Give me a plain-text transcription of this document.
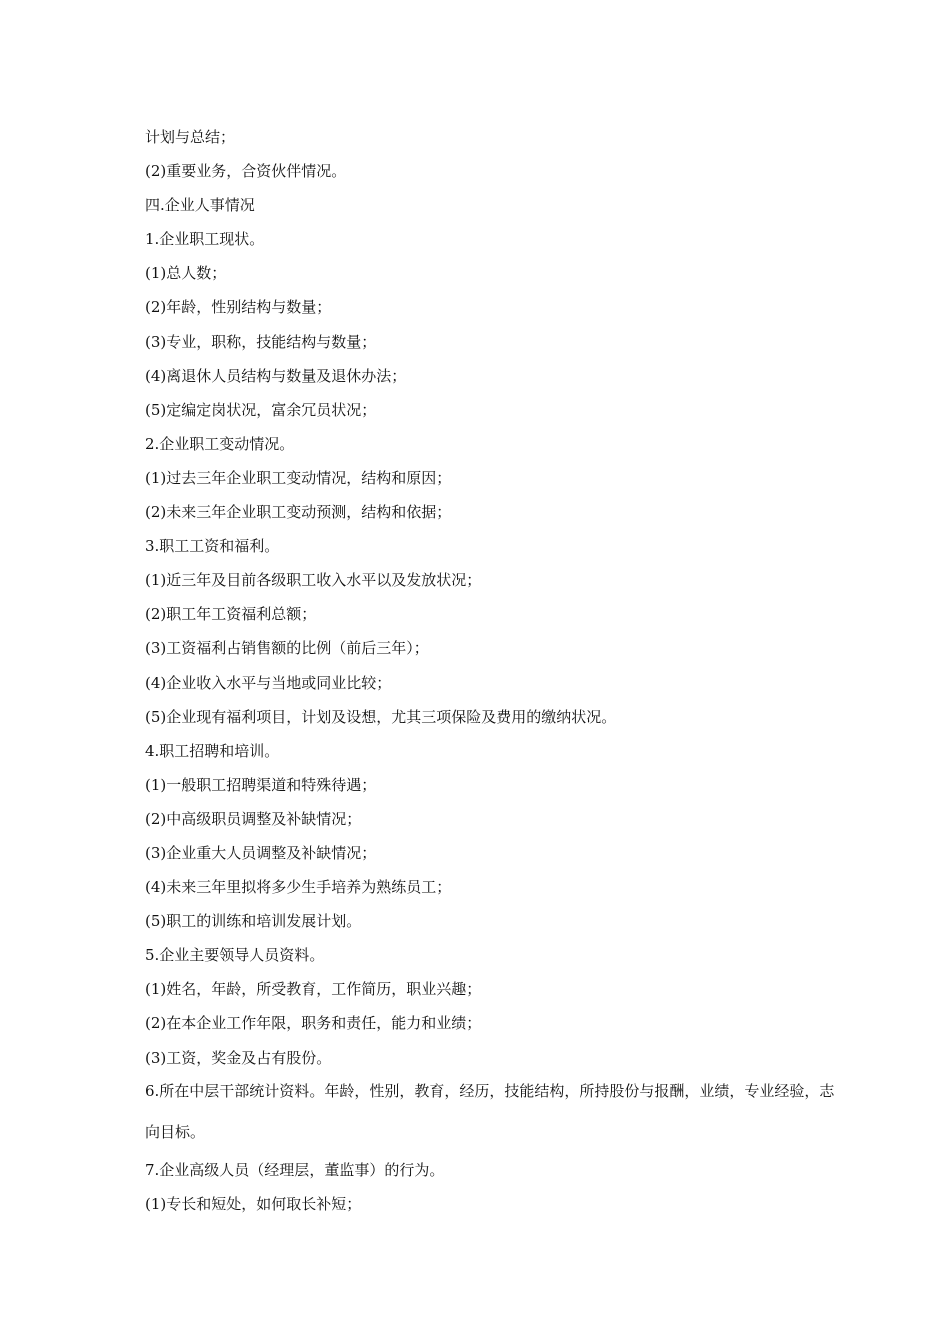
计划与总结；
(2)重要业务，合资伙伴情况。
四.企业人事情况
1.企业职工现状。
(1)总人数；
(2)年龄，性别结构与数量；
(3)专业，职称，技能结构与数量；
(4)离退休人员结构与数量及退休办法；
(5)定编定岗状况，富余冗员状况；
2.企业职工变动情况。
(1)过去三年企业职工变动情况，结构和原因；
(2)未来三年企业职工变动预测，结构和依据；
3.职工工资和福利。
(1)近三年及目前各级职工收入水平以及发放状况；
(2)职工年工资福利总额；
(3)工资福利占销售额的比例（前后三年）；
(4)企业收入水平与当地或同业比较；
(5)企业现有福利项目，计划及设想，尤其三项保险及费用的缴纳状况。
4.职工招聘和培训。
(1)一般职工招聘渠道和特殊待遇；
(2)中高级职员调整及补缺情况；
(3)企业重大人员调整及补缺情况；
(4)未来三年里拟将多少生手培养为熟练员工；
(5)职工的训练和培训发展计划。
5.企业主要领导人员资料。
(1)姓名，年龄，所受教育，工作简历，职业兴趣；
(2)在本企业工作年限，职务和责任，能力和业绩；
(3)工资，奖金及占有股份。
6.所在中层干部统计资料。年龄，性别，教育，经历，技能结构，所持股份与报酬，业绩，专业经验，志向目标。
7.企业高级人员（经理层，董监事）的行为。
(1)专长和短处，如何取长补短；
